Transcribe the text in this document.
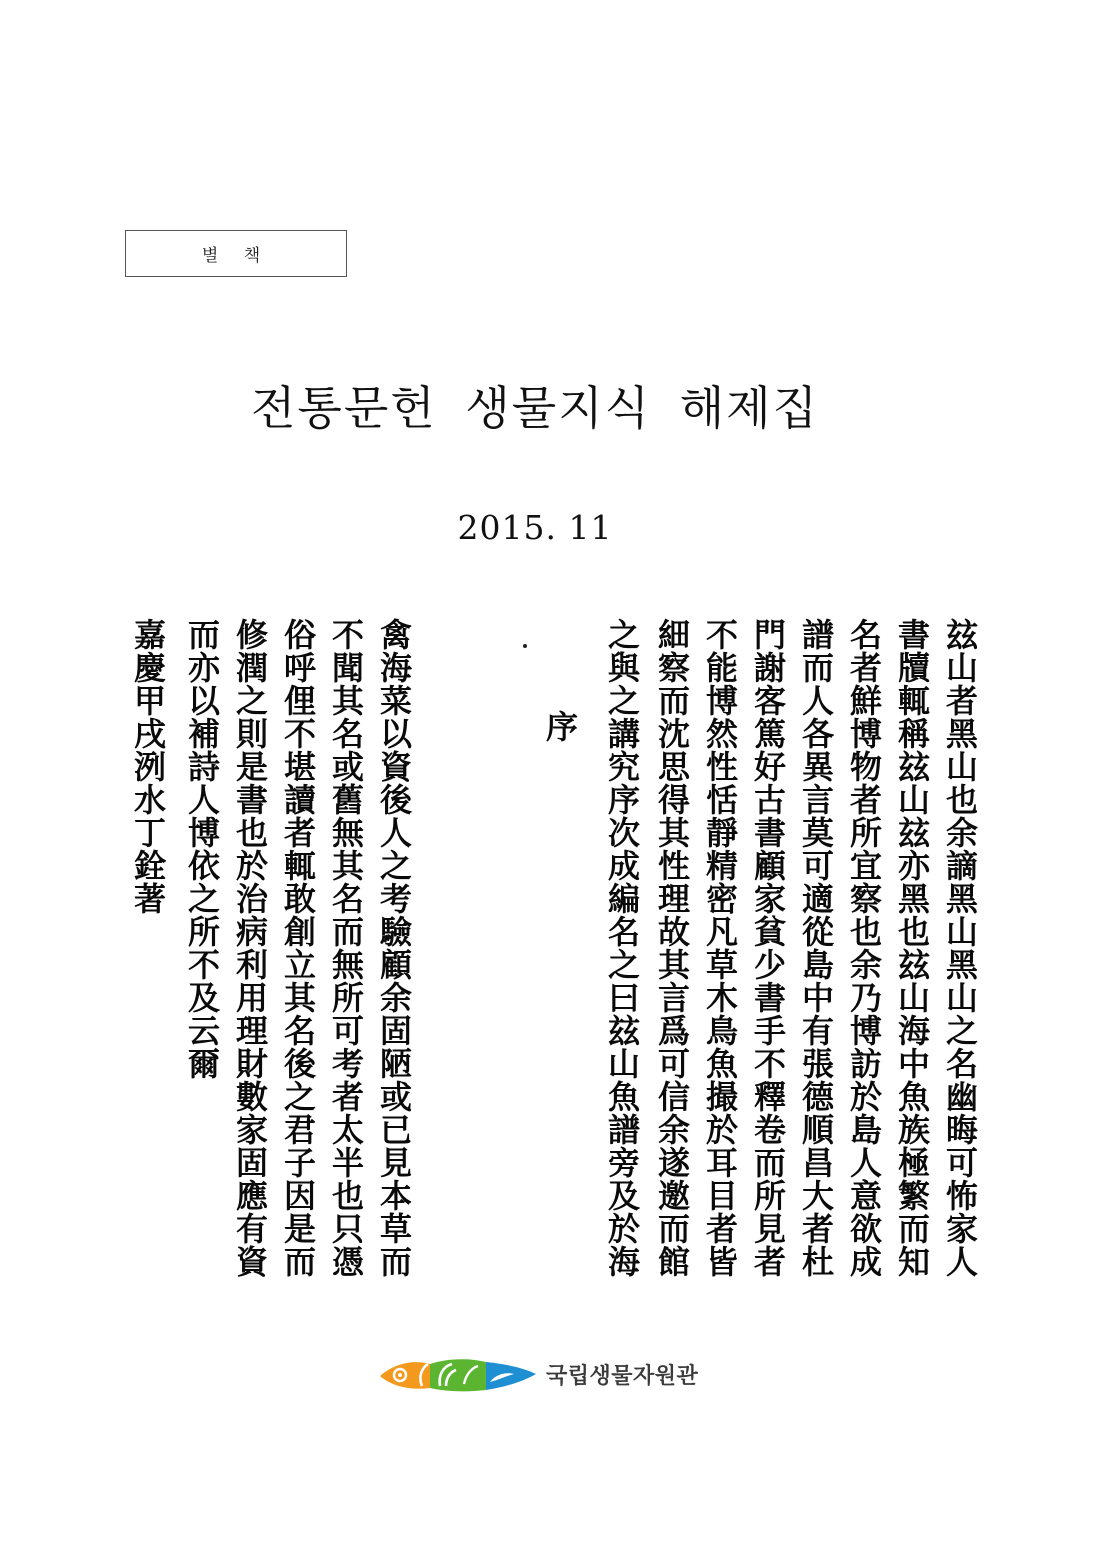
별 책
전통문헌 생물지식 해제집
2015. 11
玆山者黑山也余謫黑山黑山之名幽晦可怖家人
書牘輒稱玆山玆亦黑也玆山海中魚族極繁而知
名者鮮博物者所宜察也余乃博訪於島人意欲成
譜而人各異言莫可適從島中有張德順昌大者杜
門謝客篤好古書顧家貧少書手不釋卷而所見者
不能博然性恬靜精密凡草木鳥魚撮於耳目者皆
細察而沈思得其性理故其言爲可信余遂邀而館
之與之講究序次成編名之曰玆山魚譜旁及於海
序
禽海菜以資後人之考驗顧余固陋或已見本草而
不聞其名或舊無其名而無所可考者太半也只憑
俗呼俚不堪讀者輒敢創立其名後之君子因是而
修潤之則是書也於治病利用理財數家固應有資
而亦以補詩人博依之所不及云爾
嘉慶甲戌洌水丁銓著
국립생물자원관
